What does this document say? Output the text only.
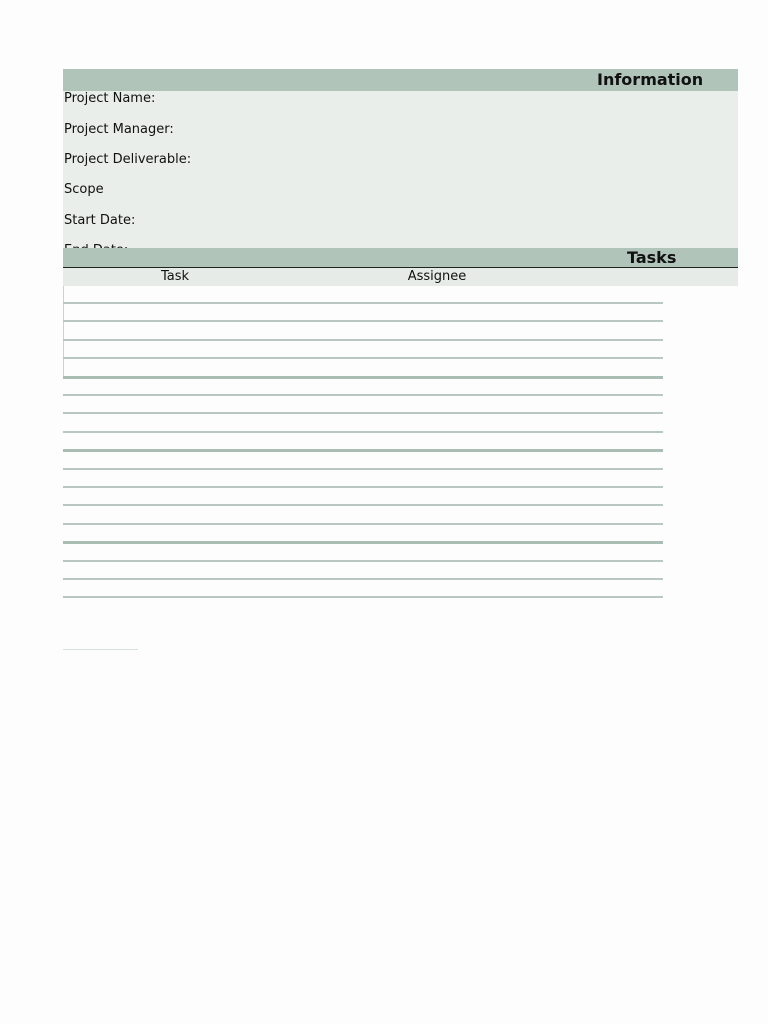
Information
Project Name:
Project Manager:
Project Deliverable:
Scope
Start Date:
Tasks
Task	Assignee
